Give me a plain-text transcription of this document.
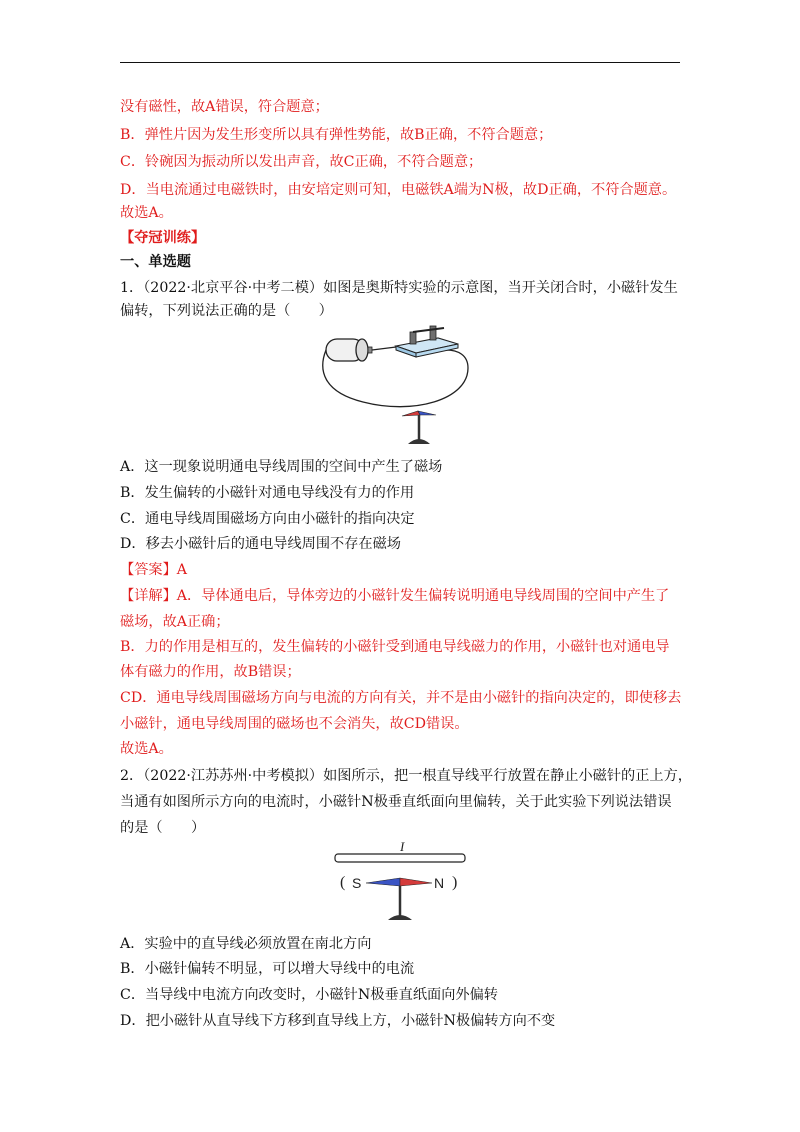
没有磁性，故A错误，符合题意；
B．弹性片因为发生形变所以具有弹性势能，故B正确，不符合题意；
C．铃碗因为振动所以发出声音，故C正确，不符合题意；
D．当电流通过电磁铁时，由安培定则可知，电磁铁A端为N极，故D正确，不符合题意。
故选A。
【夺冠训练】
一、单选题
1．（2022·北京平谷·中考二模）如图是奥斯特实验的示意图，当开关闭合时，小磁针发生
偏转，下列说法正确的是（　　）
A．这一现象说明通电导线周围的空间中产生了磁场
B．发生偏转的小磁针对通电导线没有力的作用
C．通电导线周围磁场方向由小磁针的指向决定
D．移去小磁针后的通电导线周围不存在磁场
【答案】A
【详解】A．导体通电后，导体旁边的小磁针发生偏转说明通电导线周围的空间中产生了
磁场，故A正确；
B．力的作用是相互的，发生偏转的小磁针受到通电导线磁力的作用，小磁针也对通电导
体有磁力的作用，故B错误；
CD．通电导线周围磁场方向与电流的方向有关，并不是由小磁针的指向决定的，即使移去
小磁针，通电导线周围的磁场也不会消失，故CD错误。
故选A。
2．（2022·江苏苏州·中考模拟）如图所示，把一根直导线平行放置在静止小磁针的正上方，
当通有如图所示方向的电流时，小磁针N极垂直纸面向里偏转，关于此实验下列说法错误
的是（　　）
I
( S	N )
A．实验中的直导线必须放置在南北方向
B．小磁针偏转不明显，可以增大导线中的电流
C．当导线中电流方向改变时，小磁针N极垂直纸面向外偏转
D．把小磁针从直导线下方移到直导线上方，小磁针N极偏转方向不变
